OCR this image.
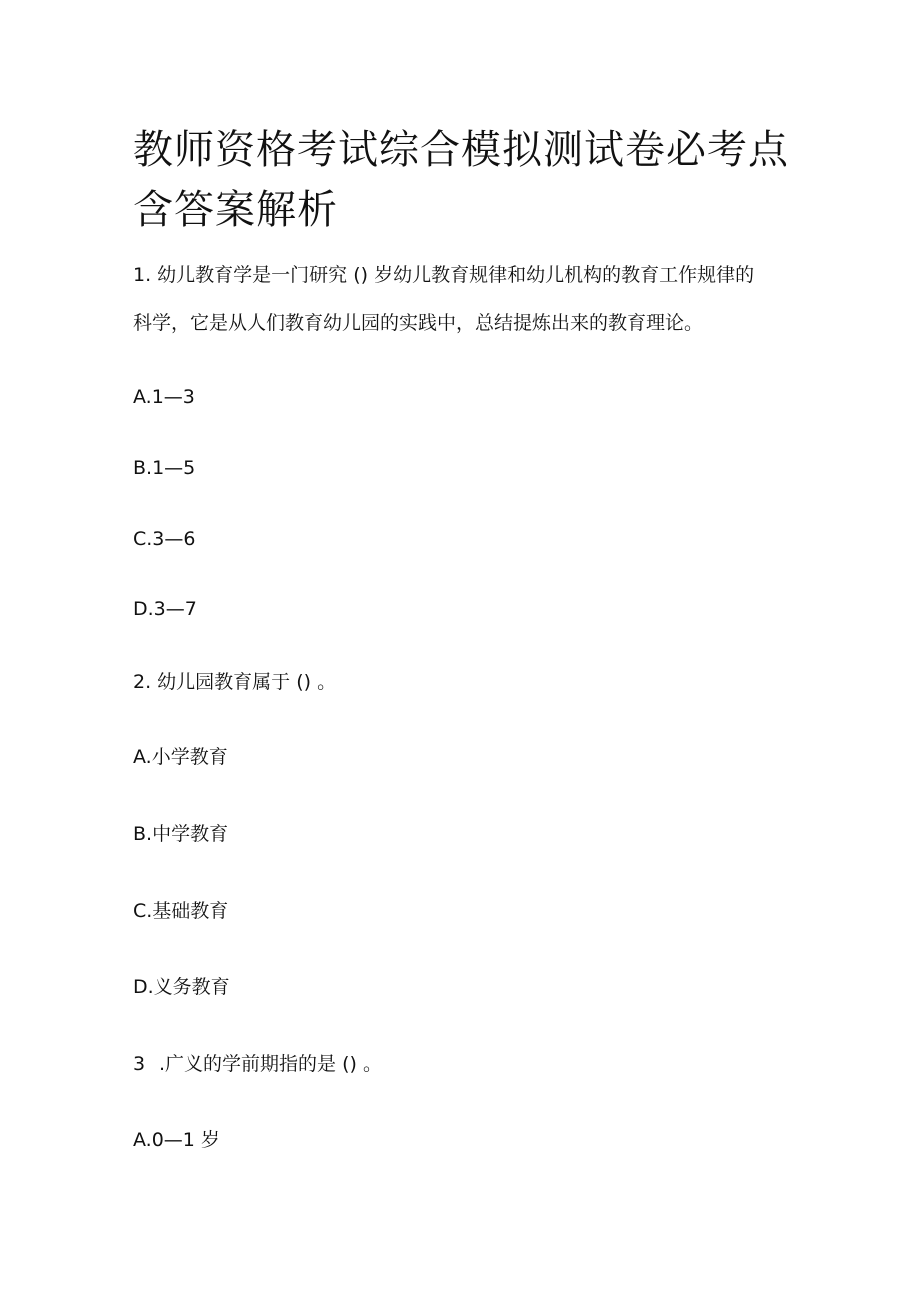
教师资格考试综合模拟测试卷必考点含答案解析
1. 幼儿教育学是一门研究 () 岁幼儿教育规律和幼儿机构的教育工作规律的
科学，它是从人们教育幼儿园的实践中，总结提炼出来的教育理论。
A.1—3
B.1—5
C.3—6
D.3—7
2. 幼儿园教育属于 () 。
A.小学教育
B.中学教育
C.基础教育
D.义务教育
3 .广义的学前期指的是 () 。
A.0—1 岁
